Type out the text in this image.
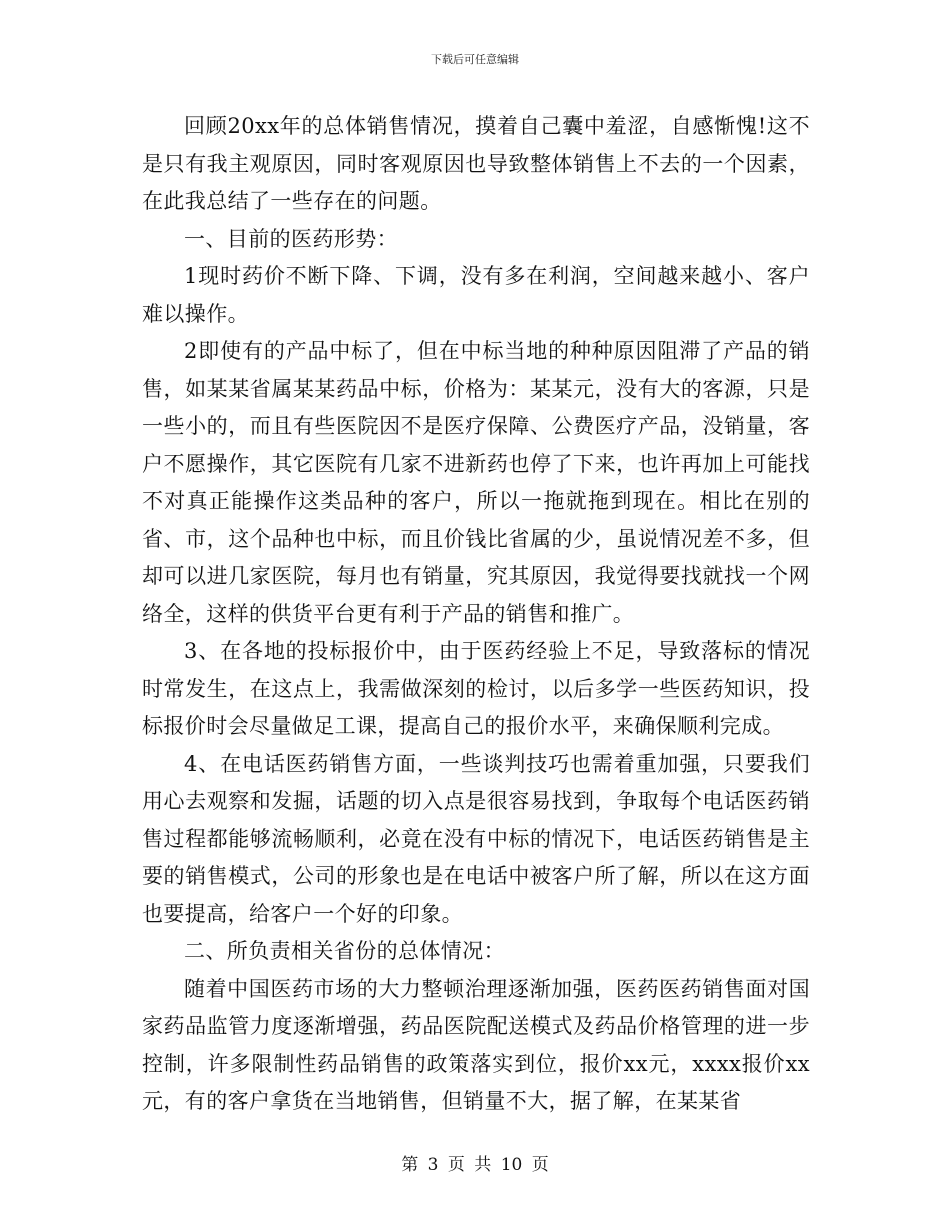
下载后可任意编辑

回顾20xx年的总体销售情况，摸着自己囊中羞涩，自感惭愧!这不是只有我主观原因，同时客观原因也导致整体销售上不去的一个因素，在此我总结了一些存在的问题。

一、目前的医药形势：

1现时药价不断下降、下调，没有多在利润，空间越来越小、客户难以操作。

2即使有的产品中标了，但在中标当地的种种原因阻滞了产品的销售，如某某省属某某药品中标，价格为：某某元，没有大的客源，只是一些小的，而且有些医院因不是医疗保障、公费医疗产品，没销量，客户不愿操作，其它医院有几家不进新药也停了下来，也许再加上可能找不对真正能操作这类品种的客户，所以一拖就拖到现在。相比在别的省、市，这个品种也中标，而且价钱比省属的少，虽说情况差不多，但却可以进几家医院，每月也有销量，究其原因，我觉得要找就找一个网络全，这样的供货平台更有利于产品的销售和推广。

3、在各地的投标报价中，由于医药经验上不足，导致落标的情况时常发生，在这点上，我需做深刻的检讨，以后多学一些医药知识，投标报价时会尽量做足工课，提高自己的报价水平，来确保顺利完成。

4、在电话医药销售方面，一些谈判技巧也需着重加强，只要我们用心去观察和发掘，话题的切入点是很容易找到，争取每个电话医药销售过程都能够流畅顺利，必竟在没有中标的情况下，电话医药销售是主要的销售模式，公司的形象也是在电话中被客户所了解，所以在这方面也要提高，给客户一个好的印象。

二、所负责相关省份的总体情况：

随着中国医药市场的大力整顿治理逐渐加强，医药医药销售面对国家药品监管力度逐渐增强，药品医院配送模式及药品价格管理的进一步控制，许多限制性药品销售的政策落实到位，报价xx元，xxxx报价xx元，有的客户拿货在当地销售，但销量不大，据了解，在某某省

第 3 页 共 10 页
